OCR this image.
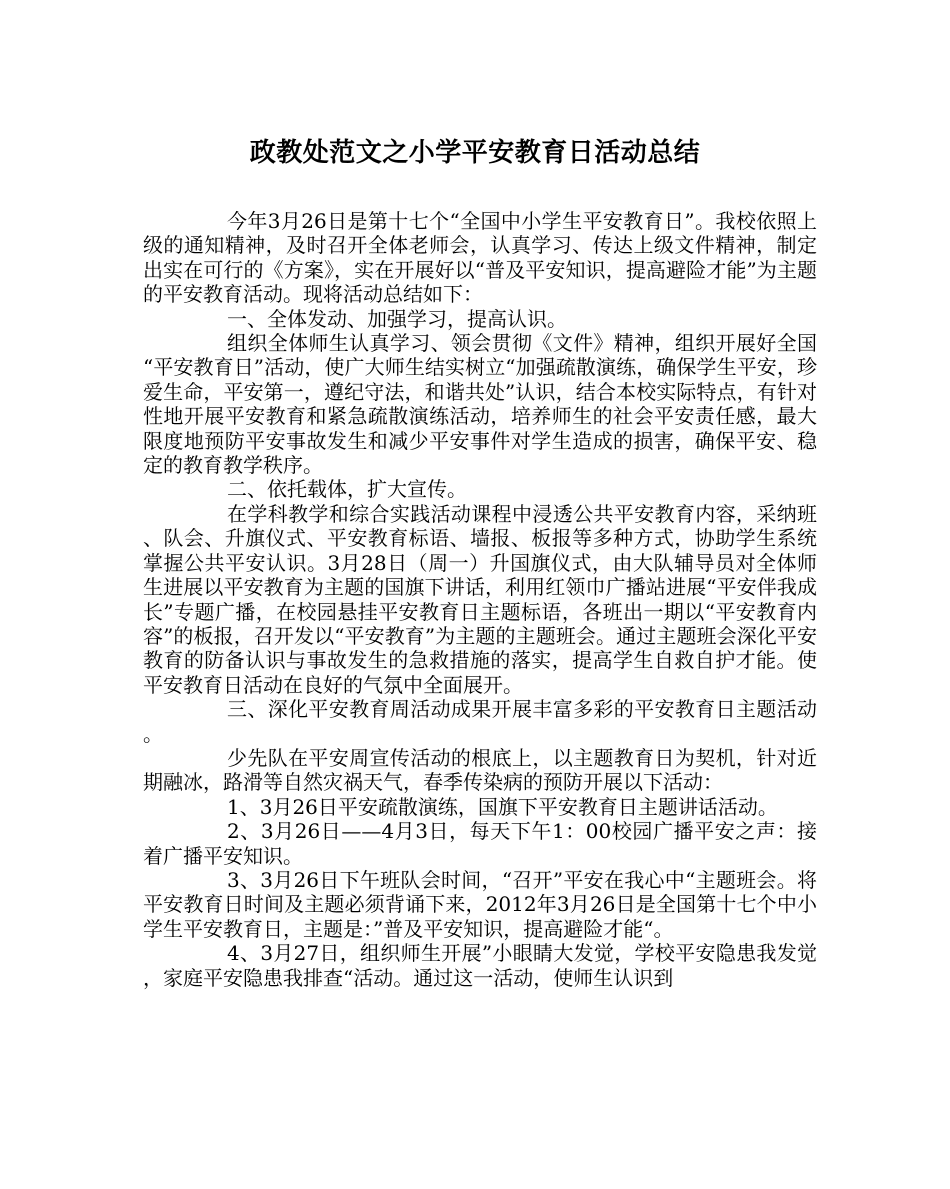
政教处范文之小学平安教育日活动总结

今年3月26日是第十七个“全国中小学生平安教育日”。我校依照上级的通知精神，及时召开全体老师会，认真学习、传达上级文件精神，制定出实在可行的《方案》，实在开展好以“普及平安知识，提高避险才能”为主题的平安教育活动。现将活动总结如下：

一、全体发动、加强学习，提高认识。

组织全体师生认真学习、领会贯彻《文件》精神，组织开展好全国“平安教育日”活动，使广大师生结实树立“加强疏散演练，确保学生平安，珍爱生命，平安第一，遵纪守法，和谐共处”认识，结合本校实际特点，有针对性地开展平安教育和紧急疏散演练活动，培养师生的社会平安责任感，最大限度地预防平安事故发生和减少平安事件对学生造成的损害，确保平安、稳定的教育教学秩序。

二、依托载体，扩大宣传。

在学科教学和综合实践活动课程中浸透公共平安教育内容，采纳班、队会、升旗仪式、平安教育标语、墙报、板报等多种方式，协助学生系统掌握公共平安认识。3月28日（周一）升国旗仪式，由大队辅导员对全体师生进展以平安教育为主题的国旗下讲话，利用红领巾广播站进展“平安伴我成长”专题广播，在校园悬挂平安教育日主题标语，各班出一期以“平安教育内容”的板报，召开发以“平安教育”为主题的主题班会。通过主题班会深化平安教育的防备认识与事故发生的急救措施的落实，提高学生自救自护才能。使平安教育日活动在良好的气氛中全面展开。

三、深化平安教育周活动成果开展丰富多彩的平安教育日主题活动。

少先队在平安周宣传活动的根底上，以主题教育日为契机，针对近期融冰，路滑等自然灾祸天气，春季传染病的预防开展以下活动：

1、3月26日平安疏散演练，国旗下平安教育日主题讲话活动。

2、3月26日——4月3日，每天下午1：00校园广播平安之声：接着广播平安知识。

3、3月26日下午班队会时间，“召开”平安在我心中“主题班会。将平安教育日时间及主题必须背诵下来，2012年3月26日是全国第十七个中小学生平安教育日，主题是：”普及平安知识，提高避险才能“。

4、3月27日，组织师生开展”小眼睛大发觉，学校平安隐患我发觉，家庭平安隐患我排查“活动。通过这一活动，使师生认识到
